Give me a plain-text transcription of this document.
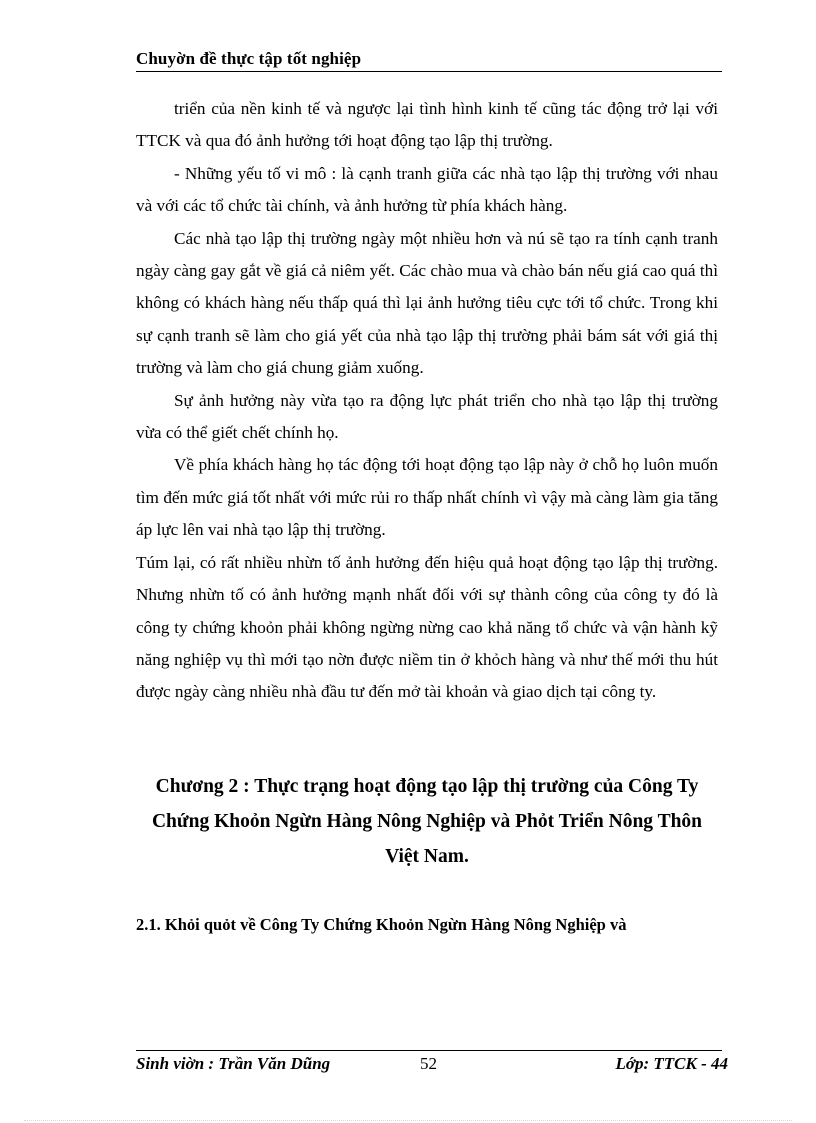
Chuyờn đề thực tập tốt nghiệp

triển của nền kinh tế và ngược lại tình hình kinh tế cũng tác động trở lại với TTCK và qua đó ảnh hưởng tới hoạt động tạo lập thị trường.

- Những yếu tố vi mô : là cạnh tranh giữa các nhà tạo lập thị trường với nhau và với các tổ chức tài chính, và ảnh hưởng từ phía khách hàng.

Các nhà tạo lập thị trường ngày một nhiều hơn và nú sẽ tạo ra tính cạnh tranh ngày càng gay gắt về giá cả niêm yết. Các chào mua và chào bán nếu giá cao quá thì không có khách hàng nếu thấp quá thì lại ảnh hưởng tiêu cực tới tổ chức. Trong khi sự cạnh tranh sẽ làm cho giá yết của nhà tạo lập thị trường phải bám sát với giá thị trường và làm cho giá chung giảm xuống.

Sự ảnh hưởng này vừa tạo ra động lực phát triển cho nhà tạo lập thị trường vừa có thể giết chết chính họ.

Về phía khách hàng họ tác động tới hoạt động tạo lập này ở chỗ họ luôn muốn tìm đến mức giá tốt nhất với mức rủi ro thấp nhất chính vì vậy mà càng làm gia tăng áp lực lên vai nhà tạo lập thị trường.

Túm lại, có rất nhiều nhừn tố ảnh hưởng đến hiệu quả hoạt động tạo lập thị trường. Nhưng nhừn tố có ảnh hưởng mạnh nhất đối với sự thành công của công ty đó là công ty chứng khoỏn phải không ngừng nừng cao khả năng tổ chức và vận hành kỹ năng nghiệp vụ thì mới tạo nờn được niềm tin ở khỏch hàng và như thế mới thu hút được ngày càng nhiều nhà đầu tư đến mở tài khoản và giao dịch tại công ty.

Chương 2 : Thực trạng hoạt động tạo lập thị trường của Công Ty Chứng Khoỏn Ngừn Hàng Nông Nghiệp và Phỏt Triển Nông Thôn Việt Nam.
2.1. Khỏi quỏt về Công Ty Chứng Khoỏn Ngừn Hàng Nông Nghiệp và
Sinh viờn : Trần Văn Dũng	52	Lớp: TTCK - 44
